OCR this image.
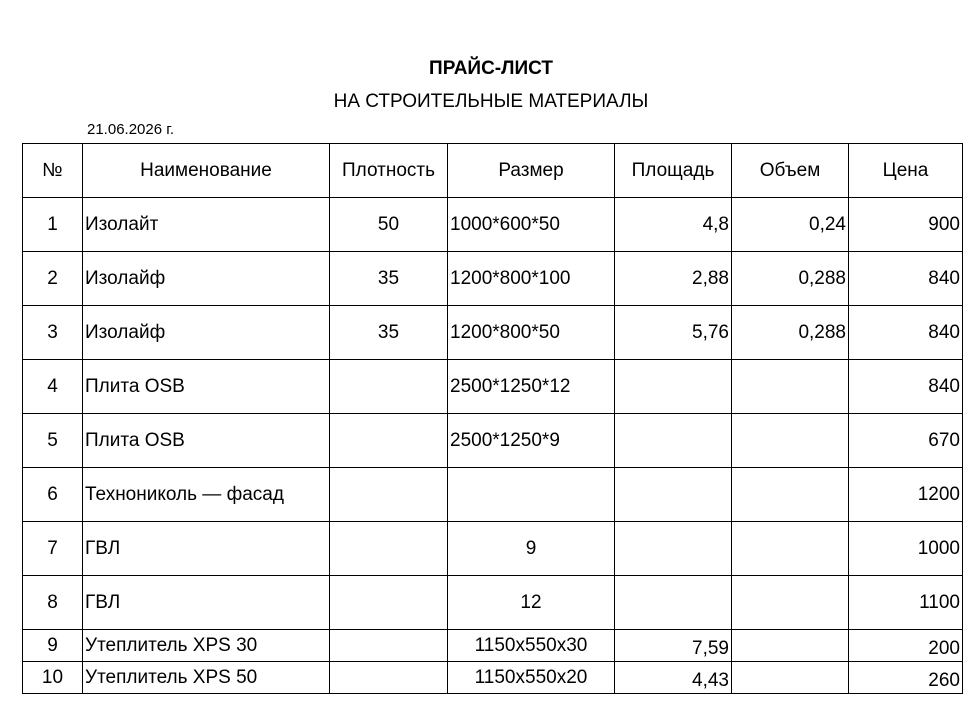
ПРАЙС-ЛИСТ
НА СТРОИТЕЛЬНЫЕ МАТЕРИАЛЫ
21.06.2026 г.
№	Наименование	Плотность	Размер	Площадь	Объем	Цена
1	Изолайт	50	1000*600*50	4,8	0,24	900
2	Изолайф	35	1200*800*100	2,88	0,288	840
3	Изолайф	35	1200*800*50	5,76	0,288	840
4	Плита OSB		2500*1250*12			840
5	Плита OSB		2500*1250*9			670
6	Технониколь — фасад					1200
7	ГВЛ		9			1000
8	ГВЛ		12			1100
9	Утеплитель XPS 30		1150x550x30	7,59		200
10	Утеплитель XPS 50		1150x550x20	4,43		260
